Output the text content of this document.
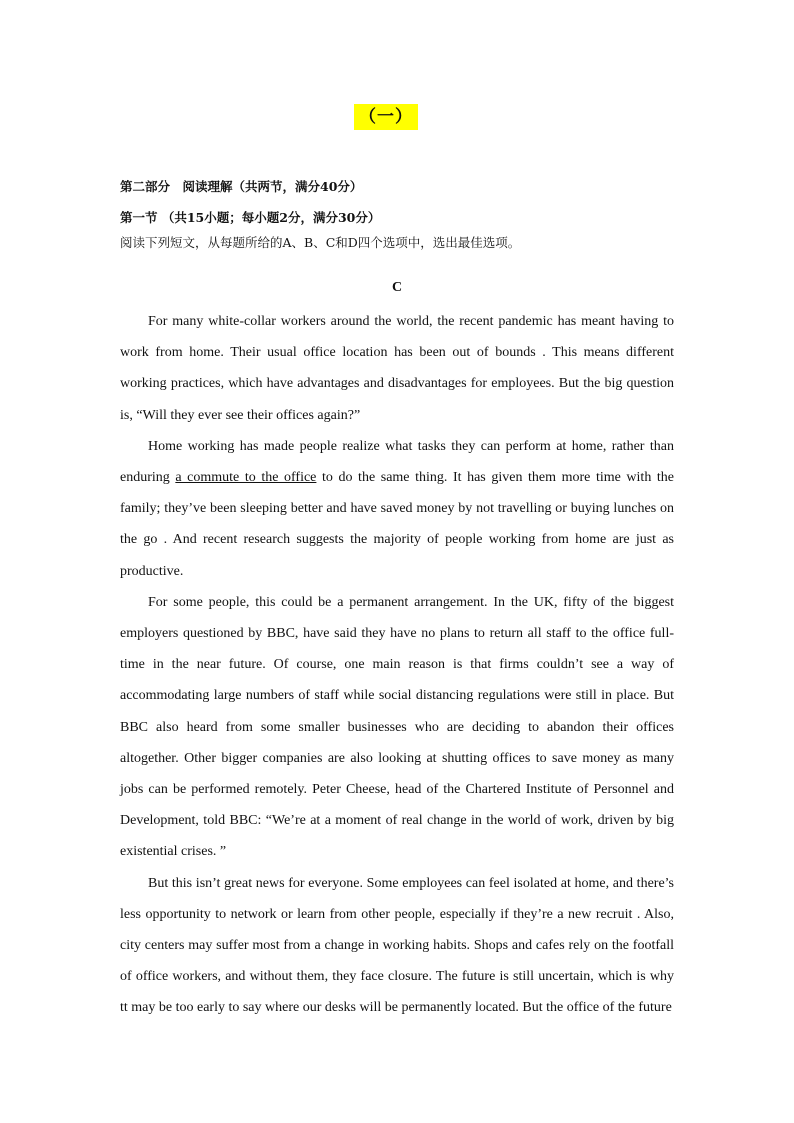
（一）
第二部分　阅读理解（共两节，满分40分）
第一节 （共15小题；每小题2分，满分30分）
阅读下列短文，从每题所给的A、B、C和D四个选项中，选出最佳选项。
C

For many white-collar workers around the world, the recent pandemic has meant having to work from home. Their usual office location has been out of bounds . This means different working practices, which have advantages and disadvantages for employees. But the big question is, “Will they ever see their offices again?”

Home working has made people realize what tasks they can perform at home, rather than enduring a commute to the office to do the same thing. It has given them more time with the family; they’ve been sleeping better and have saved money by not travelling or buying lunches on the go . And recent research suggests the majority of people working from home are just as productive.

For some people, this could be a permanent arrangement. In the UK, fifty of the biggest employers questioned by BBC, have said they have no plans to return all staff to the office full-time in the near future. Of course, one main reason is that firms couldn’t see a way of accommodating large numbers of staff while social distancing regulations were still in place. But BBC also heard from some smaller businesses who are deciding to abandon their offices altogether. Other bigger companies are also looking at shutting offices to save money as many jobs can be performed remotely. Peter Cheese, head of the Chartered Institute of Personnel and Development, told BBC: “We’re at a moment of real change in the world of work, driven by big existential crises. ”

But this isn’t great news for everyone. Some employees can feel isolated at home, and there’s less opportunity to network or learn from other people, especially if they’re a new recruit . Also, city centers may suffer most from a change in working habits. Shops and cafes rely on the footfall of office workers, and without them, they face closure. The future is still uncertain, which is why tt may be too early to say where our desks will be permanently located. But the office of the future
